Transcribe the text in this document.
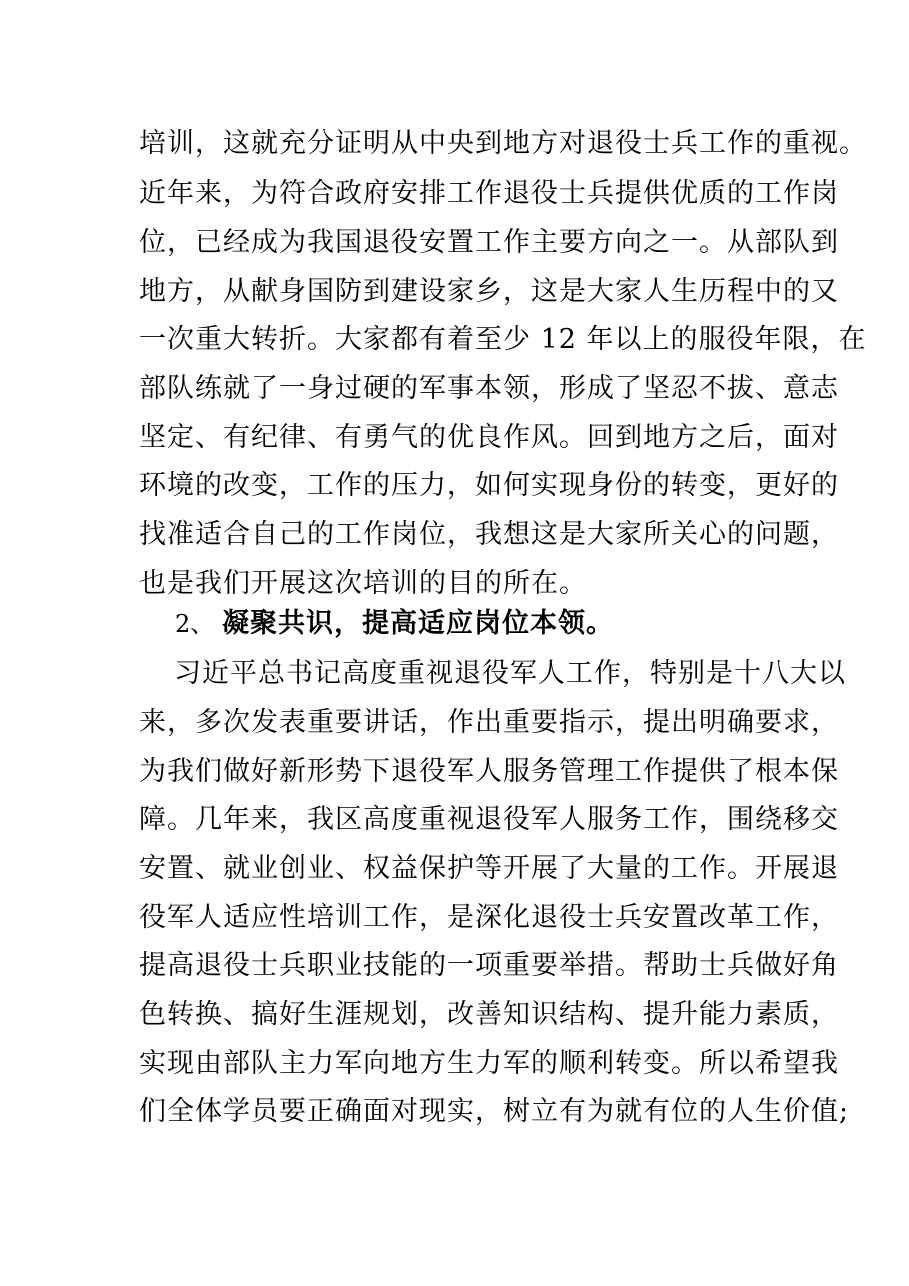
培训，这就充分证明从中央到地方对退役士兵工作的重视。
近年来，为符合政府安排工作退役士兵提供优质的工作岗
位，已经成为我国退役安置工作主要方向之一。从部队到
地方，从献身国防到建设家乡，这是大家人生历程中的又
一次重大转折。大家都有着至少 12 年以上的服役年限，在
部队练就了一身过硬的军事本领，形成了坚忍不拔、意志
坚定、有纪律、有勇气的优良作风。回到地方之后，面对
环境的改变，工作的压力，如何实现身份的转变，更好的
找准适合自己的工作岗位，我想这是大家所关心的问题，
也是我们开展这次培训的目的所在。
2、 凝聚共识，提高适应岗位本领。
习近平总书记高度重视退役军人工作，特别是十八大以
来，多次发表重要讲话，作出重要指示，提出明确要求，
为我们做好新形势下退役军人服务管理工作提供了根本保
障。几年来，我区高度重视退役军人服务工作，围绕移交
安置、就业创业、权益保护等开展了大量的工作。开展退
役军人适应性培训工作，是深化退役士兵安置改革工作，
提高退役士兵职业技能的一项重要举措。帮助士兵做好角
色转换、搞好生涯规划，改善知识结构、提升能力素质，
实现由部队主力军向地方生力军的顺利转变。所以希望我
们全体学员要正确面对现实，树立有为就有位的人生价值;
